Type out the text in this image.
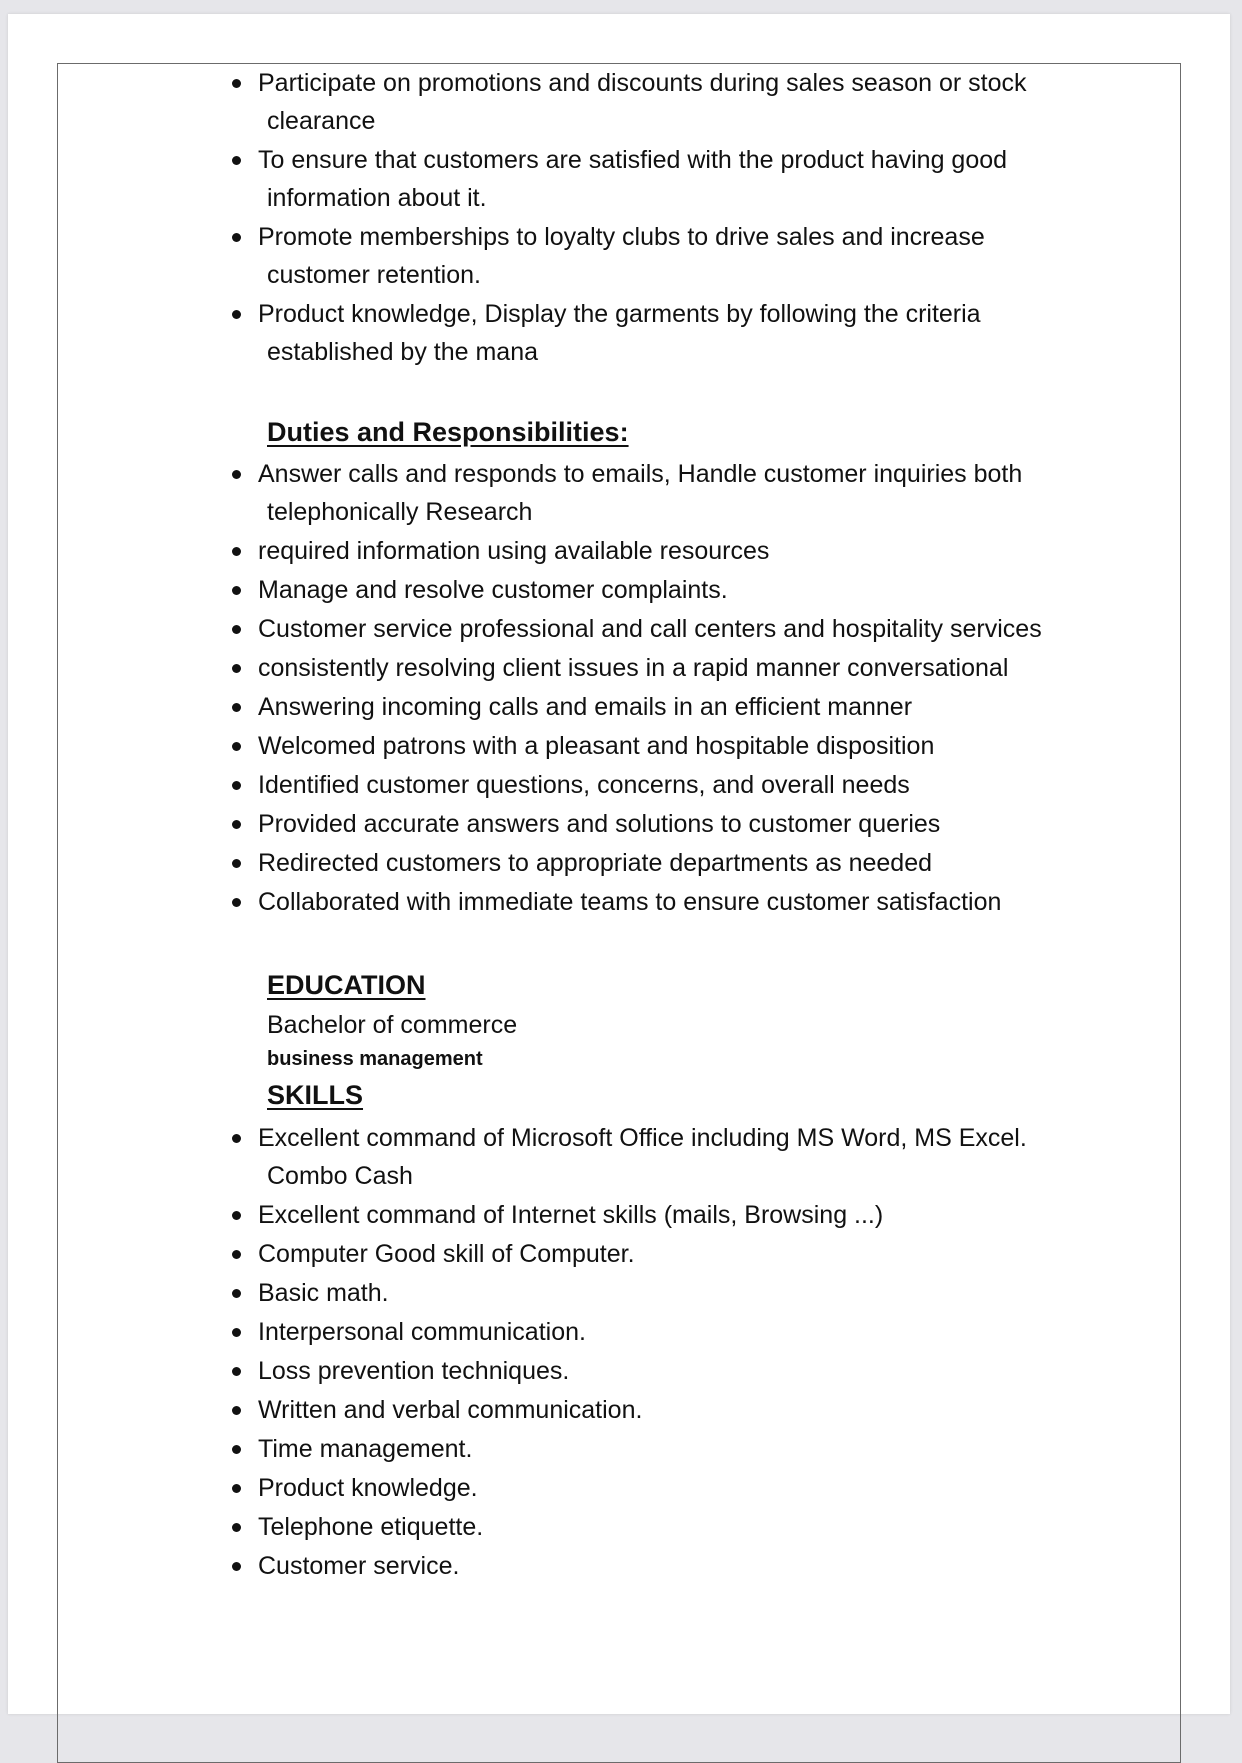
Participate on promotions and discounts during sales season or stock
clearance
To ensure that customers are satisfied with the product having good
information about it.
Promote memberships to loyalty clubs to drive sales and increase
customer retention.
Product knowledge, Display the garments by following the criteria
established by the mana
Duties and Responsibilities:
Answer calls and responds to emails, Handle customer inquiries both
telephonically Research
required information using available resources
Manage and resolve customer complaints.
Customer service professional and call centers and hospitality services
consistently resolving client issues in a rapid manner conversational
Answering incoming calls and emails in an efficient manner
Welcomed patrons with a pleasant and hospitable disposition
Identified customer questions, concerns, and overall needs
Provided accurate answers and solutions to customer queries
Redirected customers to appropriate departments as needed
Collaborated with immediate teams to ensure customer satisfaction
EDUCATION
Bachelor of commerce
business management
SKILLS
Excellent command of Microsoft Office including MS Word, MS Excel.
Combo Cash
Excellent command of Internet skills (mails, Browsing ...)
Computer Good skill of Computer.
Basic math.
Interpersonal communication.
Loss prevention techniques.
Written and verbal communication.
Time management.
Product knowledge.
Telephone etiquette.
Customer service.
